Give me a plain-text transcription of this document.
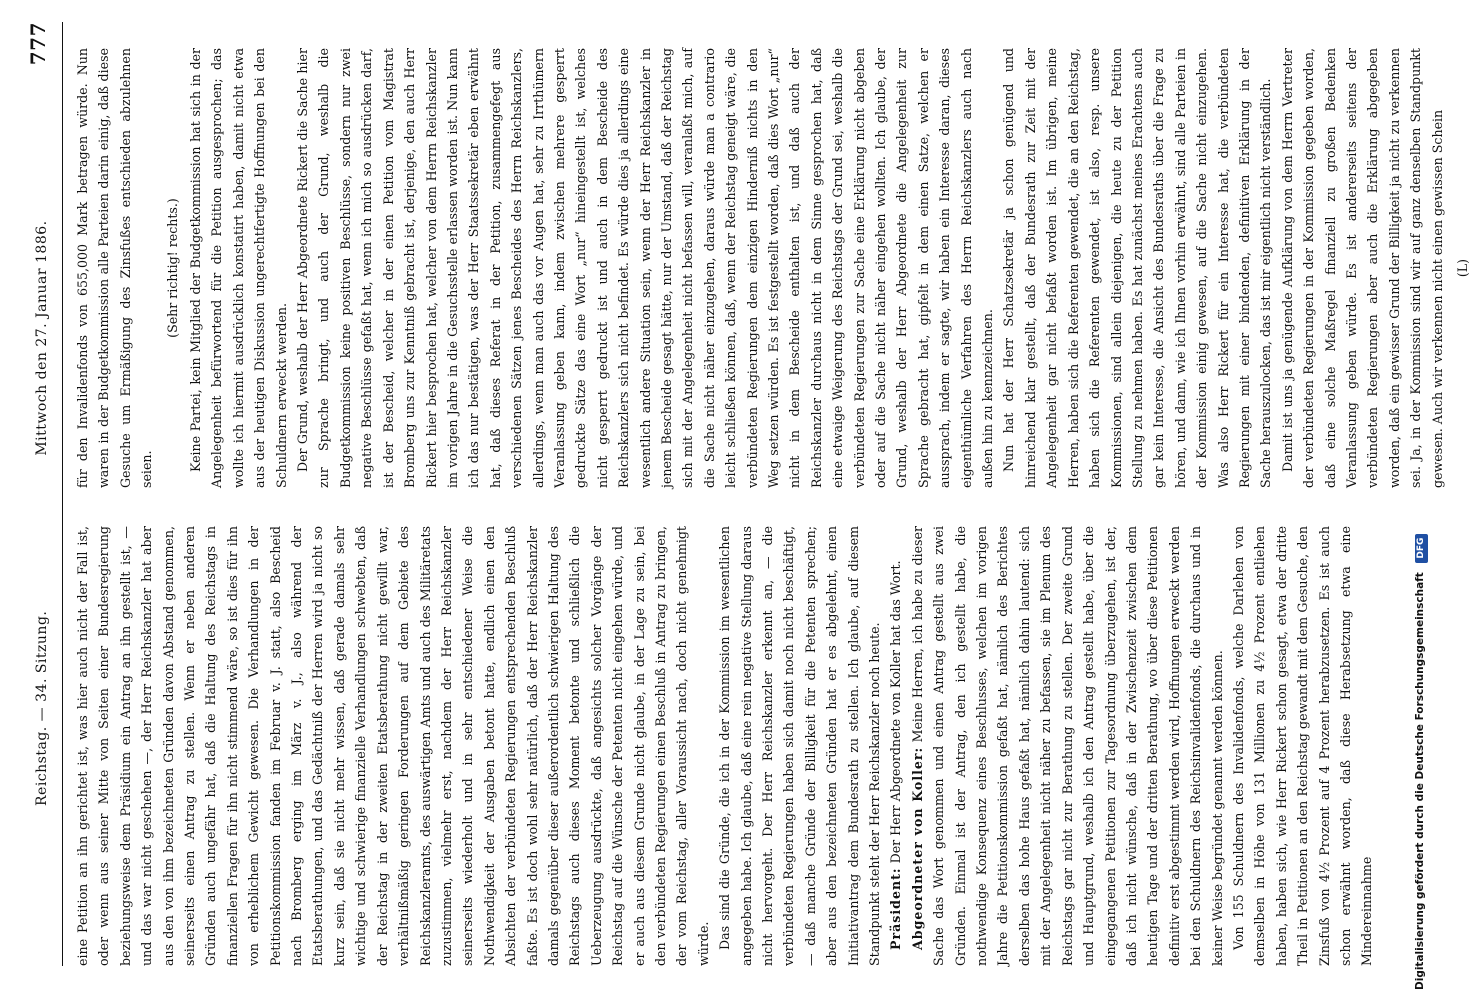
Reichstag. — 34. Sitzung. Mittwoch den 27. Januar 1886.
777

eine Petition an ihn gerichtet ist, was hier auch nicht der Fall ist, oder wenn aus seiner Mitte von Seiten einer Bundesregierung beziehungsweise dem Präsidium ein Antrag an ihn gestellt ist, — und das war nicht geschehen —, der Herr Reichskanzler hat aber aus den von ihm bezeichneten Gründen davon Abstand genommen, seinerseits einen Antrag zu stellen. Wenn er neben anderen Gründen auch ungefähr hat, daß die Haltung des Reichstags in finanziellen Fragen für ihn nicht stimmend wäre, so ist dies für ihn von erheblichem Gewicht gewesen. Die Verhandlungen in der Petitionskommission fanden im Februar v. J. statt, also Bescheid nach Bromberg erging im März v. J., also während der Etatsberathungen, und das Gedächtniß der Herren wird ja nicht so kurz sein, daß sie nicht mehr wissen, daß gerade damals sehr wichtige und schwierige finanzielle Verhandlungen schwebten, daß der Reichstag in der zweiten Etatsberathung nicht gewillt war, verhältnißmäßig geringen Forderungen auf dem Gebiete des Reichskanzleramts, des auswärtigen Amts und auch des Militäretats zuzustimmen, vielmehr erst, nachdem der Herr Reichskanzler seinerseits wiederholt und in sehr entschiedener Weise die Nothwendigkeit der Ausgaben betont hatte, endlich einen den Absichten der verbündeten Regierungen entsprechenden Beschluß faßte. Es ist doch wohl sehr natürlich, daß der Herr Reichskanzler damals gegenüber dieser außerordentlich schwierigen Haltung des Reichstags auch dieses Moment betonte und schließlich die Ueberzeugung ausdrückte, daß angesichts solcher Vorgänge der Reichstag auf die Wünsche der Petenten nicht eingehen würde, und er auch aus diesem Grunde nicht glaube, in der Lage zu sein, bei den verbündeten Regierungen einen Beschluß in Antrag zu bringen, der vom Reichstag, aller Voraussicht nach, doch nicht genehmigt würde. Das sind die Gründe, die ich in der Kommission im wesentlichen angegeben habe. Ich glaube, daß eine rein negative Stellung daraus nicht hervorgeht. Der Herr Reichskanzler erkennt an, — die verbündeten Regierungen haben sich damit noch nicht beschäftigt, — daß manche Gründe der Billigkeit für die Petenten sprechen; aber aus den bezeichneten Gründen hat er es abgelehnt, einen Initiativantrag dem Bundesrath zu stellen. Ich glaube, auf diesem Standpunkt steht der Herr Reichskanzler noch heute. Präsident: Der Herr Abgeordnete von Koller hat das Wort. Abgeordneter von Koller: Meine Herren, ich habe zu dieser Sache das Wort genommen und einen Antrag gestellt aus zwei Gründen. Einmal ist der Antrag, den ich gestellt habe, die nothwendige Konsequenz eines Beschlusses, welchen im vorigen Jahre die Petitionskommission gefaßt hat, nämlich des Berichtes derselben das hohe Haus gefaßt hat, nämlich dahin lautend: sich mit der Angelegenheit nicht näher zu befassen, sie im Plenum des Reichstags gar nicht zur Berathung zu stellen. Der zweite Grund und Hauptgrund, weshalb ich den Antrag gestellt habe, über die eingegangenen Petitionen zur Tagesordnung überzugehen, ist der, daß ich nicht wünsche, daß in der Zwischenzeit zwischen dem heutigen Tage und der dritten Berathung, wo über diese Petitionen definitiv erst abgestimmt werden wird, Hoffnungen erweckt werden bei den Schuldnern des Reichsinvalidenfonds, die durchaus und in keiner Weise begründet genannt werden können. Von 155 Schuldnern des Invalidenfonds, welche Darlehen von demselben in Höhe von 131 Millionen zu 4½ Prozent entliehen haben, haben sich, wie Herr Rickert schon gesagt, etwa der dritte Theil in Petitionen an den Reichstag gewandt mit dem Gesuche, den Zinsfuß von 4½ Prozent auf 4 Prozent herabzusetzen. Es ist auch schon erwähnt worden, daß diese Herabsetzung etwa eine Mindereinnahme

für den Invalidenfonds von 655,000 Mark betragen würde. Nun waren in der Budgetkommission alle Parteien darin einig, daß diese Gesuche um Ermäßigung des Zinsfußes entschieden abzulehnen seien.

(Sehr richtig! rechts.) Keine Partei, kein Mitglied der Budgetkommission hat sich in der Angelegenheit befürwortend für die Petition ausgesprochen; das wollte ich hiermit ausdrücklich konstatirt haben, damit nicht etwa aus der heutigen Diskussion ungerechtfertigte Hoffnungen bei den Schuldnern erweckt werden. Der Grund, weshalb der Herr Abgeordnete Rickert die Sache hier zur Sprache bringt, und auch der Grund, weshalb die Budgetkommission keine positiven Beschlüsse, sondern nur zwei negative Beschlüsse gefaßt hat, wenn ich mich so ausdrücken darf, ist der Bescheid, welcher in der einen Petition vom Magistrat Bromberg uns zur Kenntniß gebracht ist, derjenige, den auch Herr Rickert hier besprochen hat, welcher von dem Herrn Reichskanzler im vorigen Jahre in die Gesuchsstelle erlassen worden ist. Nun kann ich das nur bestätigen, was der Herr Staatssekretär eben erwähnt hat, daß dieses Referat in der Petition, zusammengefegt aus verschiedenen Sätzen jenes Bescheides des Herrn Reichskanzlers, allerdings, wenn man auch das vor Augen hat, sehr zu Irrthümern Veranlassung geben kann, indem zwischen mehrere gesperrt gedruckte Sätze das eine Wort „nur“ hineingestellt ist, welches nicht gesperrt gedruckt ist und auch in dem Bescheide des Reichskanzlers sich nicht befindet. Es würde dies ja allerdings eine wesentlich andere Situation sein, wenn der Herr Reichskanzler in jenem Bescheide gesagt hätte, nur der Umstand, daß der Reichstag sich mit der Angelegenheit nicht befassen will, veranlaßt mich, auf die Sache nicht näher einzugehen, daraus würde man a contrario leicht schließen können, daß, wenn der Reichstag geneigt wäre, die verbündeten Regierungen dem einzigen Hinderniß nichts in den Weg setzen würden. Es ist festgestellt worden, daß dies Wort „nur“ nicht in dem Bescheide enthalten ist, und daß auch der Reichskanzler durchaus nicht in dem Sinne gesprochen hat, daß eine etwaige Weigerung des Reichstags der Grund sei, weshalb die verbündeten Regierungen zur Sache eine Erklärung nicht abgeben oder auf die Sache nicht näher eingehen wollten. Ich glaube, der Grund, weshalb der Herr Abgeordnete die Angelegenheit zur Sprache gebracht hat, gipfelt in dem einen Satze, welchen er aussprach, indem er sagte, wir haben ein Interesse daran, dieses eigenthümliche Verfahren des Herrn Reichskanzlers auch nach außen hin zu kennzeichnen. Nun hat der Herr Schatzsekretär ja schon genügend und hinreichend klar gestellt, daß der Bundesrath zur Zeit mit der Angelegenheit gar nicht befaßt worden ist. Im übrigen, meine Herren, haben sich die Referenten gewendet, die an den Reichstag, haben sich die Referenten gewendet, ist also, resp. unsere Kommissionen, sind allein diejenigen, die heute zu der Petition Stellung zu nehmen haben. Es hat zunächst meines Erachtens auch gar kein Interesse, die Ansicht des Bundesraths über die Frage zu hören, und dann, wie ich Ihnen vorhin erwähnt, sind alle Parteien in der Kommission einig gewesen, auf die Sache nicht einzugehen. Was also Herr Rickert für ein Interesse hat, die verbündeten Regierungen mit einer bindenden, definitiven Erklärung in der Sache herauszulocken, das ist mir eigentlich nicht verständlich. Damit ist uns ja genügende Aufklärung von dem Herrn Vertreter der verbündeten Regierungen in der Kommission gegeben worden, daß eine solche Maßregel finanziell zu großen Bedenken Veranlassung geben würde. Es ist andererseits seitens der verbündeten Regierungen aber auch die Erklärung abgegeben worden, daß ein gewisser Grund der Billigkeit ja nicht zu verkennen sei. Ja, in der Kommission sind wir auf ganz denselben Standpunkt gewesen. Auch wir verkennen nicht einen gewissen Schein (L)

Digitalisierung gefördert durch die Deutsche Forschungsgemeinschaft DFG
